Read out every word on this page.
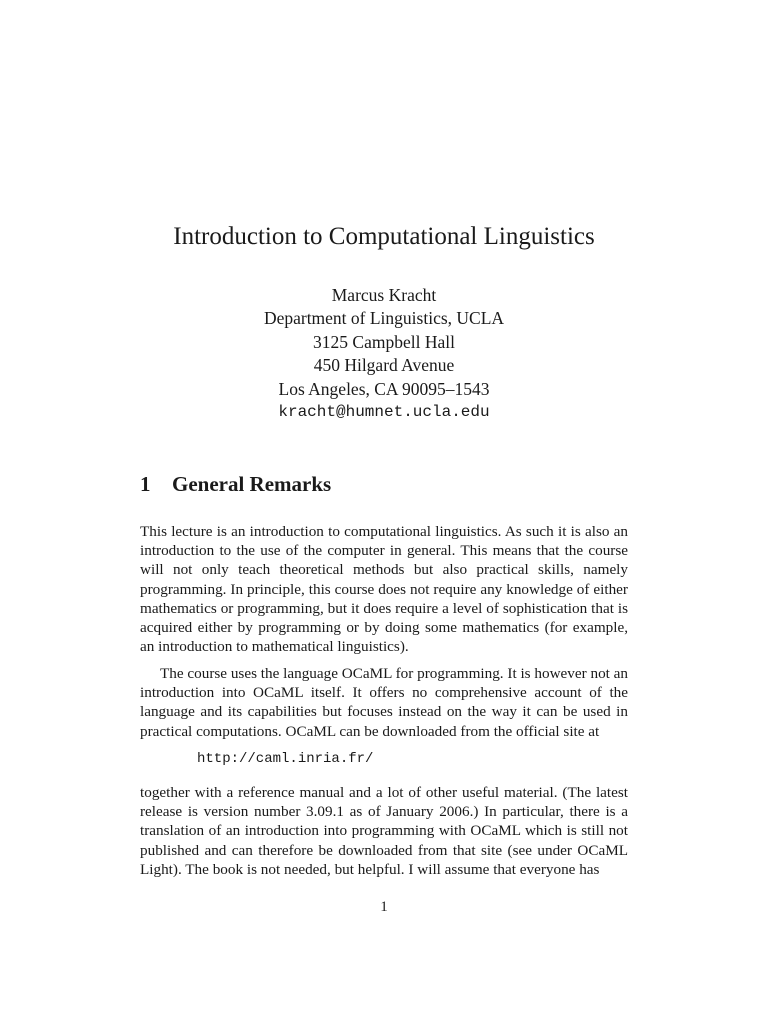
Introduction to Computational Linguistics
Marcus Kracht
Department of Linguistics, UCLA
3125 Campbell Hall
450 Hilgard Avenue
Los Angeles, CA 90095–1543
kracht@humnet.ucla.edu
1 General Remarks

This lecture is an introduction to computational linguistics. As such it is also an introduction to the use of the computer in general. This means that the course will not only teach theoretical methods but also practical skills, namely programming. In principle, this course does not require any knowledge of either mathematics or programming, but it does require a level of sophistication that is acquired either by programming or by doing some mathematics (for example, an introduction to mathematical linguistics).

The course uses the language OCaML for programming. It is however not an introduction into OCaML itself. It offers no comprehensive account of the language and its capabilities but focuses instead on the way it can be used in practical computations. OCaML can be downloaded from the official site at

http://caml.inria.fr/

together with a reference manual and a lot of other useful material. (The latest release is version number 3.09.1 as of January 2006.) In particular, there is a translation of an introduction into programming with OCaML which is still not published and can therefore be downloaded from that site (see under OCaML Light). The book is not needed, but helpful. I will assume that everyone has

1
